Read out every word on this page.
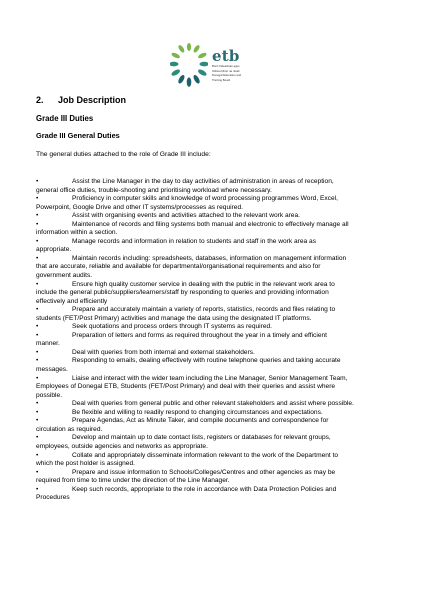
etb
Bord Oideachais agus
Oiliúna Dhún na nGall
Donegal Education and
Training Board
2. Job Description
Grade III Duties
Grade III General Duties
The general duties attached to the role of Grade III include:
•	Assist the Line Manager in the day to day activities of administration in areas of reception,
general office duties, trouble-shooting and prioritising workload where necessary.
•	Proficiency in computer skills and knowledge of word processing programmes Word, Excel,
Powerpoint, Google Drive and other IT systems/processes as required.
•	Assist with organising events and activities attached to the relevant work area.
•	Maintenance of records and filing systems both manual and electronic to effectively manage all
information within a section.
•	Manage records and information in relation to students and staff in the work area as
appropriate.
•	Maintain records including: spreadsheets, databases, information on management information
that are accurate, reliable and available for departmental/organisational requirements and also for
government audits.
•	Ensure high quality customer service in dealing with the public in the relevant work area to
include the general public/suppliers/learners/staff by responding to queries and providing information
effectively and efficiently
•	Prepare and accurately maintain a variety of reports, statistics, records and files relating to
students (FET/Post Primary) activities and manage the data using the designated IT platforms.
•	Seek quotations and process orders through IT systems as required.
•	Preparation of letters and forms as required throughout the year in a timely and efficient
manner.
•	Deal with queries from both internal and external stakeholders.
•	Responding to emails, dealing effectively with routine telephone queries and taking accurate
messages.
•	Liaise and interact with the wider team including the Line Manager, Senior Management Team,
Employees of Donegal ETB, Students (FET/Post Primary) and deal with their queries and assist where
possible.
•	Deal with queries from general public and other relevant stakeholders and assist where possible.
•	Be flexible and willing to readily respond to changing circumstances and expectations.
•	Prepare Agendas, Act as Minute Taker, and compile documents and correspondence for
circulation as required.
•	Develop and maintain up to date contact lists, registers or databases for relevant groups,
employees, outside agencies and networks as appropriate.
•	Collate and appropriately disseminate information relevant to the work of the Department to
which the post holder is assigned.
•	Prepare and issue information to Schools/Colleges/Centres and other agencies as may be
required from time to time under the direction of the Line Manager.
•	Keep such records, appropriate to the role in accordance with Data Protection Policies and
Procedures
